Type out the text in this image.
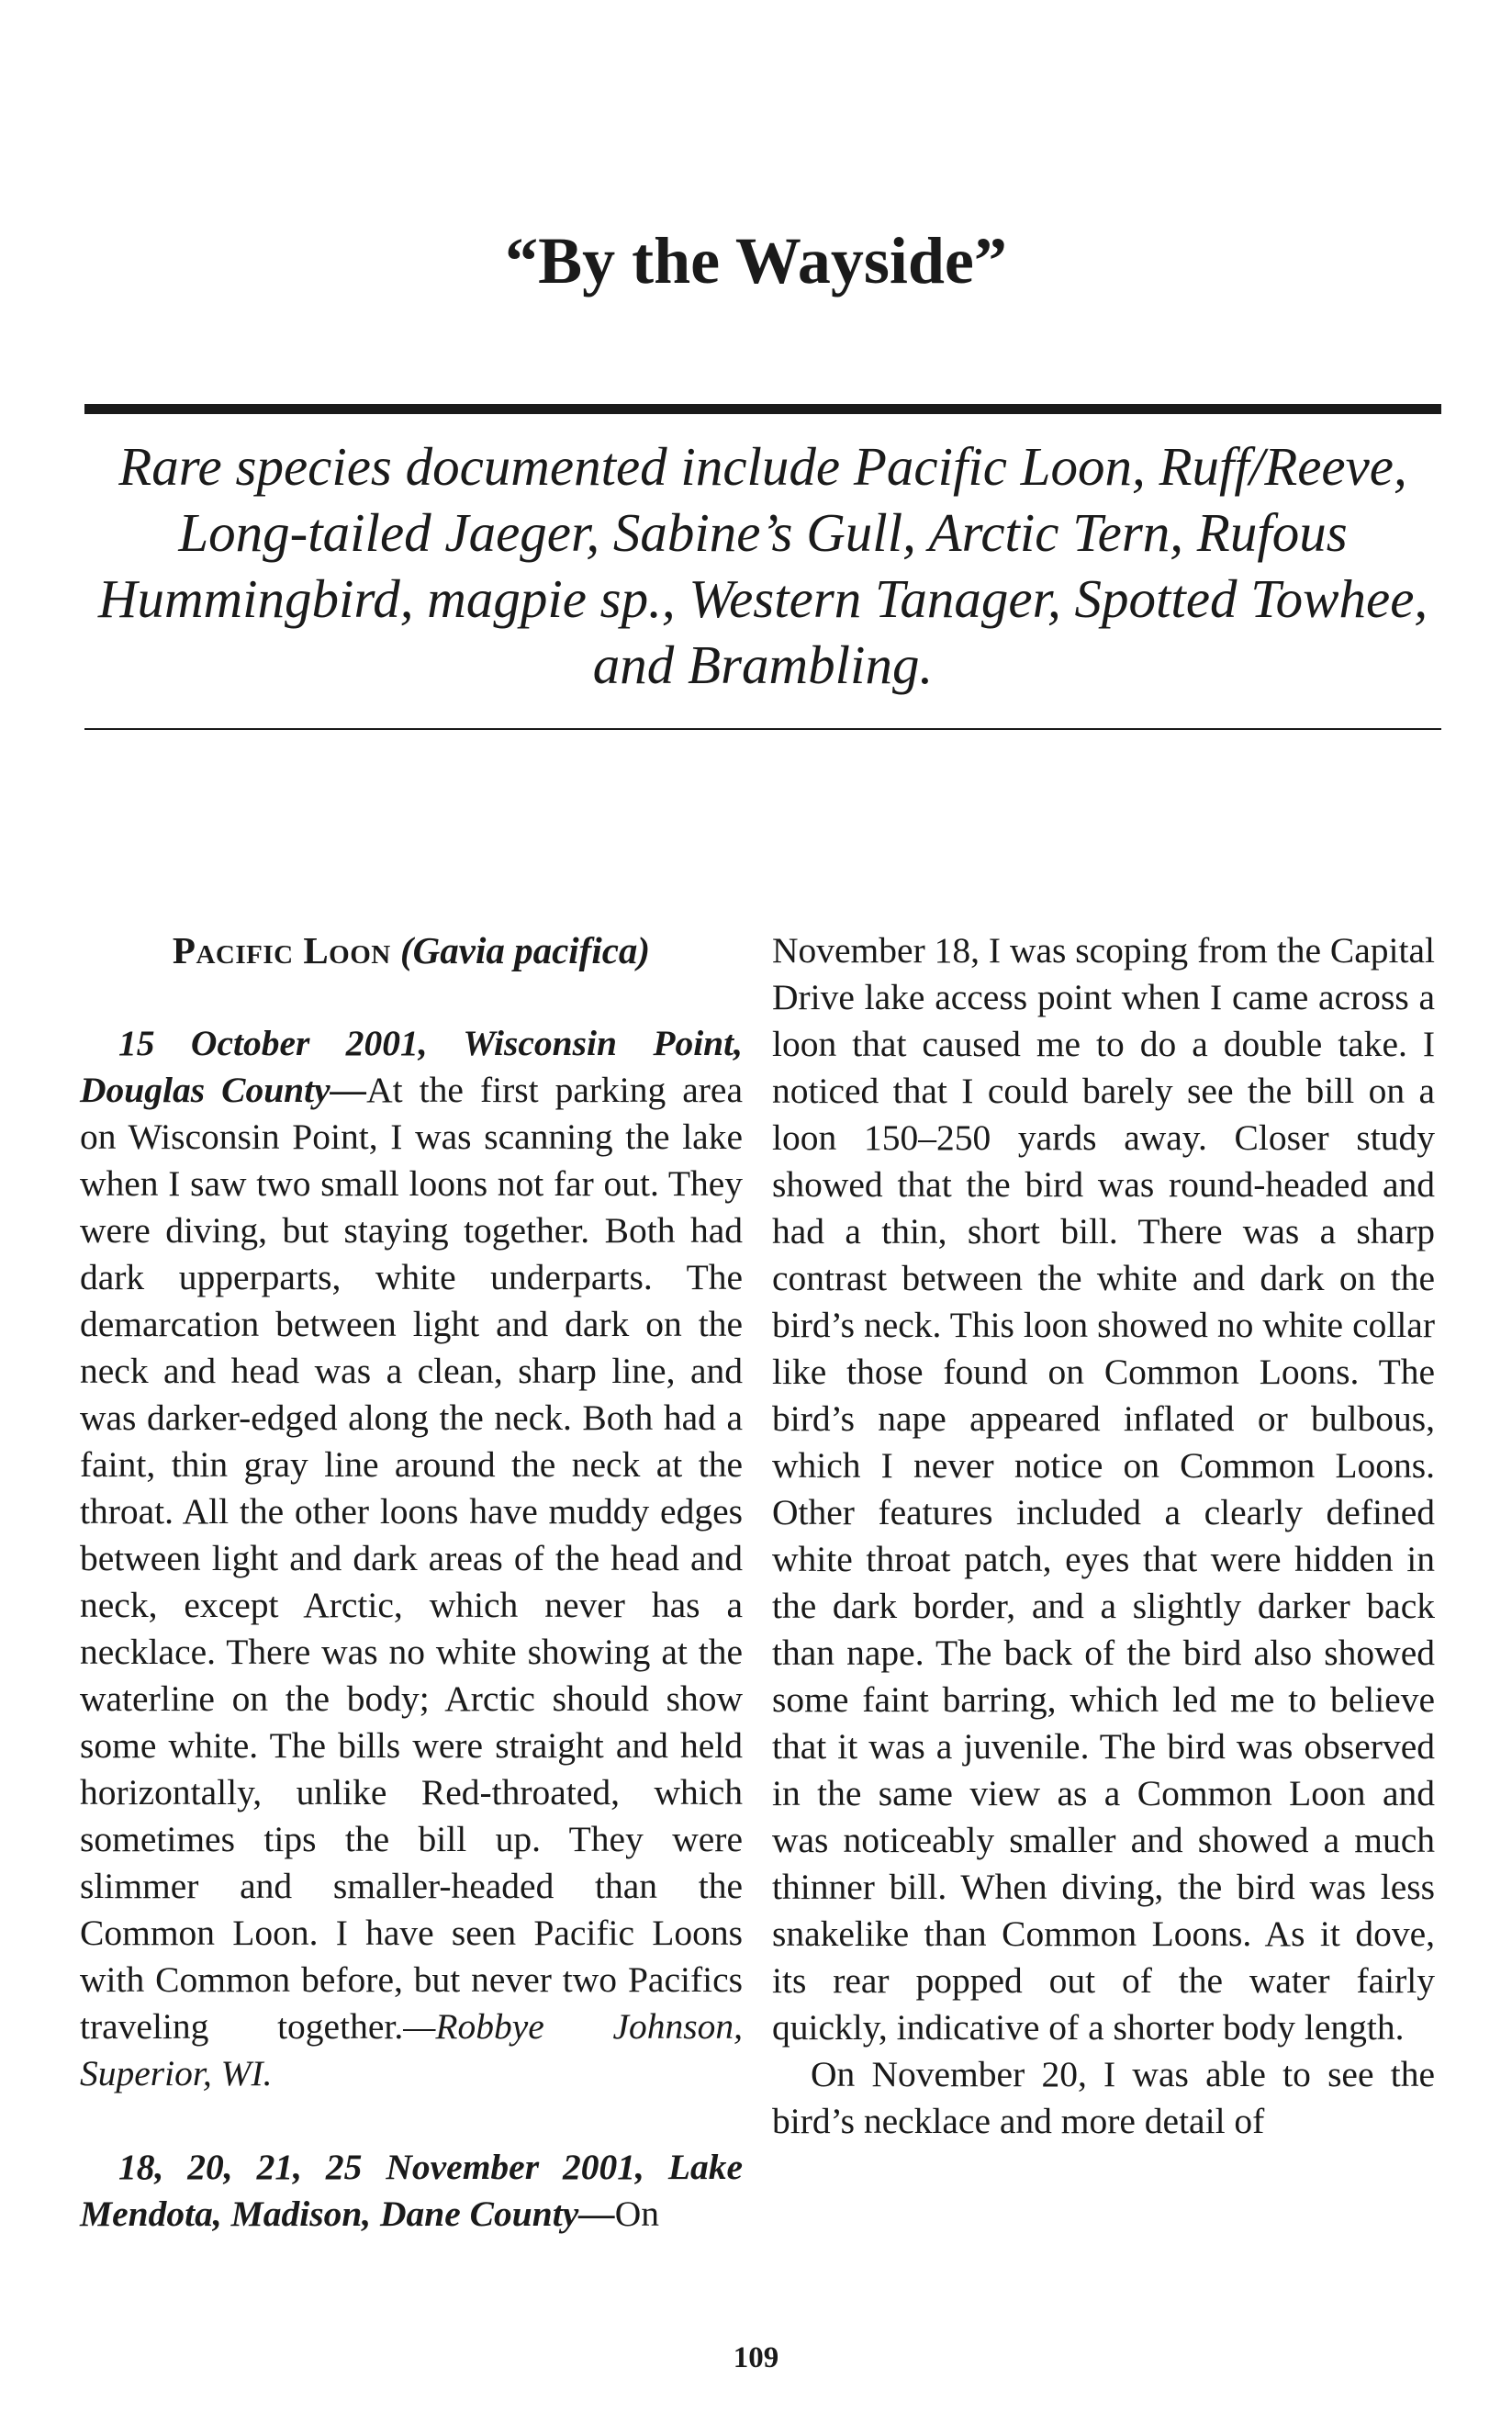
“By the Wayside”

Rare species documented include Pacific Loon, Ruff/Reeve, Long-tailed Jaeger, Sabine’s Gull, Arctic Tern, Rufous Hummingbird, magpie sp., Western Tanager, Spotted Towhee, and Brambling.

Pacific Loon (Gavia pacifica)

15 October 2001, Wisconsin Point, Douglas County—At the first parking area on Wisconsin Point, I was scanning the lake when I saw two small loons not far out. They were diving, but staying together. Both had dark upperparts, white underparts. The demarcation between light and dark on the neck and head was a clean, sharp line, and was darker-edged along the neck. Both had a faint, thin gray line around the neck at the throat. All the other loons have muddy edges between light and dark areas of the head and neck, except Arctic, which never has a necklace. There was no white showing at the waterline on the body; Arctic should show some white. The bills were straight and held horizontally, unlike Red-throated, which sometimes tips the bill up. They were slimmer and smaller-headed than the Common Loon. I have seen Pacific Loons with Common before, but never two Pacifics traveling together.—Robbye Johnson, Superior, WI.

18, 20, 21, 25 November 2001, Lake Mendota, Madison, Dane County—On

November 18, I was scoping from the Capital Drive lake access point when I came across a loon that caused me to do a double take. I noticed that I could barely see the bill on a loon 150–250 yards away. Closer study showed that the bird was round-headed and had a thin, short bill. There was a sharp contrast between the white and dark on the bird’s neck. This loon showed no white collar like those found on Common Loons. The bird’s nape appeared inflated or bulbous, which I never notice on Common Loons. Other features included a clearly defined white throat patch, eyes that were hidden in the dark border, and a slightly darker back than nape. The back of the bird also showed some faint barring, which led me to believe that it was a juvenile. The bird was observed in the same view as a Common Loon and was noticeably smaller and showed a much thinner bill. When diving, the bird was less snakelike than Common Loons. As it dove, its rear popped out of the water fairly quickly, indicative of a shorter body length.

On November 20, I was able to see the bird’s necklace and more detail of

109
